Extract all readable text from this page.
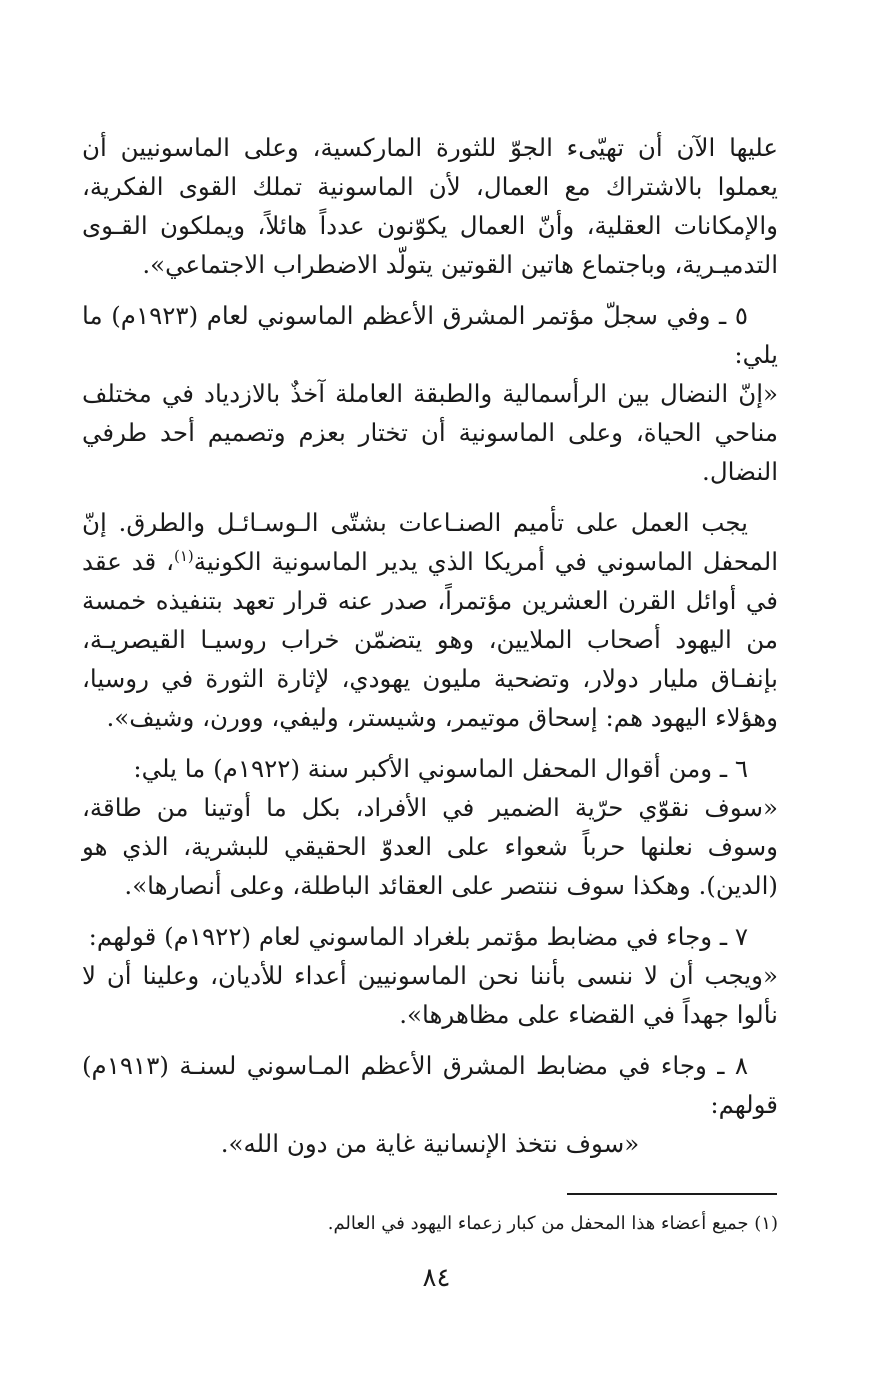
عليها الآن أن تهيّىء الجوّ للثورة الماركسية، وعلى الماسونيين أن يعملوا بالاشتراك مع العمال، لأن الماسونية تملك القوى الفكرية، والإمكانات العقلية، وأنّ العمال يكوّنون عدداً هائلاً، ويملكون القـوى التدميـرية، وباجتماع هاتين القوتين يتولّد الاضطراب الاجتماعي».

٥ ـ وفي سجلّ مؤتمر المشرق الأعظم الماسوني لعام (١٩٢٣م) ما يلي:

«إنّ النضال بين الرأسمالية والطبقة العاملة آخذٌ بالازدياد في مختلف مناحي الحياة، وعلى الماسونية أن تختار بعزم وتصميم أحد طرفي النضال.

يجب العمل على تأميم الصنـاعات بشتّى الـوسـائـل والطرق. إنّ المحفل الماسوني في أمريكا الذي يدير الماسونية الكونية$^{(١)}$، قد عقد في أوائل القرن العشرين مؤتمراً، صدر عنه قرار تعهد بتنفيذه خمسة من اليهود أصحاب الملايين، وهو يتضمّن خراب روسيـا القيصريـة، بإنفـاق مليار دولار، وتضحية مليون يهودي، لإثارة الثورة في روسيا، وهؤلاء اليهود هم: إسحاق موتيمر، وشيستر، وليفي، وورن، وشيف».

٦ ـ ومن أقوال المحفل الماسوني الأكبر سنة (١٩٢٢م) ما يلي:

«سوف نقوّي حرّية الضمير في الأفراد، بكل ما أوتينا من طاقة، وسوف نعلنها حرباً شعواء على العدوّ الحقيقي للبشرية، الذي هو (الدين). وهكذا سوف ننتصر على العقائد الباطلة، وعلى أنصارها».

٧ ـ وجاء في مضابط مؤتمر بلغراد الماسوني لعام (١٩٢٢م) قولهم:

«ويجب أن لا ننسى بأننا نحن الماسونيين أعداء للأديان، وعلينا أن لا نألوا جهداً في القضاء على مظاهرها».

٨ ـ وجاء في مضابط المشرق الأعظم المـاسوني لسنـة (١٩١٣م) قولهم:

«سوف نتخذ الإنسانية غاية من دون الله».

(١) جميع أعضاء هذا المحفل من كبار زعماء اليهود في العالم.

٨٤
